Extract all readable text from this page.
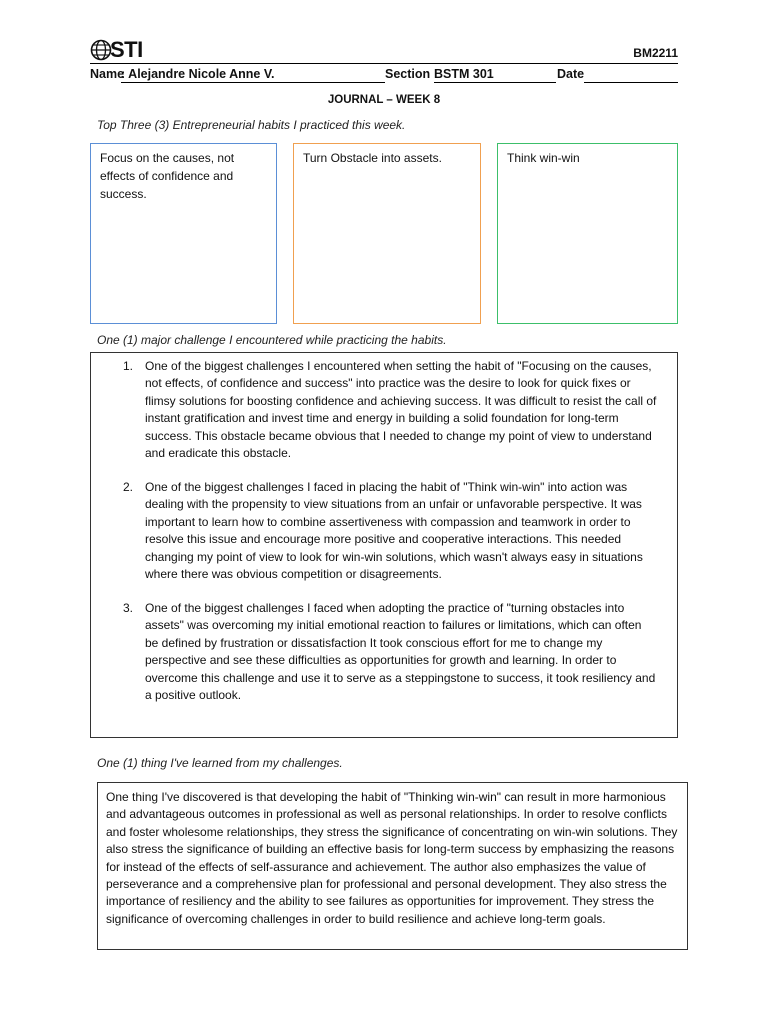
STI	BM2211
Name
: Alejandre Nicole Anne V.	Section BSTM 301	Date
JOURNAL – WEEK 8
Top Three (3) Entrepreneurial habits I practiced this week.
Focus on the causes, not effects of confidence and success.
Turn Obstacle into assets.	Think win-win
One (1) major challenge I encountered while practicing the habits.
1. One of the biggest challenges I encountered when setting the habit of "Focusing on the causes, not effects, of confidence and success" into practice was the desire to look for quick fixes or flimsy solutions for boosting confidence and achieving success. It was difficult to resist the call of instant gratification and invest time and energy in building a solid foundation for long-term success. This obstacle became obvious that I needed to change my point of view to understand and eradicate this obstacle.
2. One of the biggest challenges I faced in placing the habit of "Think win-win" into action was dealing with the propensity to view situations from an unfair or unfavorable perspective. It was important to learn how to combine assertiveness with compassion and teamwork in order to resolve this issue and encourage more positive and cooperative interactions. This needed changing my point of view to look for win-win solutions, which wasn't always easy in situations where there was obvious competition or disagreements.
3. One of the biggest challenges I faced when adopting the practice of "turning obstacles into assets" was overcoming my initial emotional reaction to failures or limitations, which can often be defined by frustration or dissatisfaction It took conscious effort for me to change my perspective and see these difficulties as opportunities for growth and learning. In order to overcome this challenge and use it to serve as a steppingstone to success, it took resiliency and a positive outlook.
One (1) thing I've learned from my challenges.
One thing I've discovered is that developing the habit of "Thinking win-win" can result in more harmonious and advantageous outcomes in professional as well as personal relationships. In order to resolve conflicts and foster wholesome relationships, they stress the significance of concentrating on win-win solutions. They also stress the significance of building an effective basis for long-term success by emphasizing the reasons for instead of the effects of self-assurance and achievement. The author also emphasizes the value of perseverance and a comprehensive plan for professional and personal development. They also stress the importance of resiliency and the ability to see failures as opportunities for improvement. They stress the significance of overcoming challenges in order to build resilience and achieve long-term goals.
